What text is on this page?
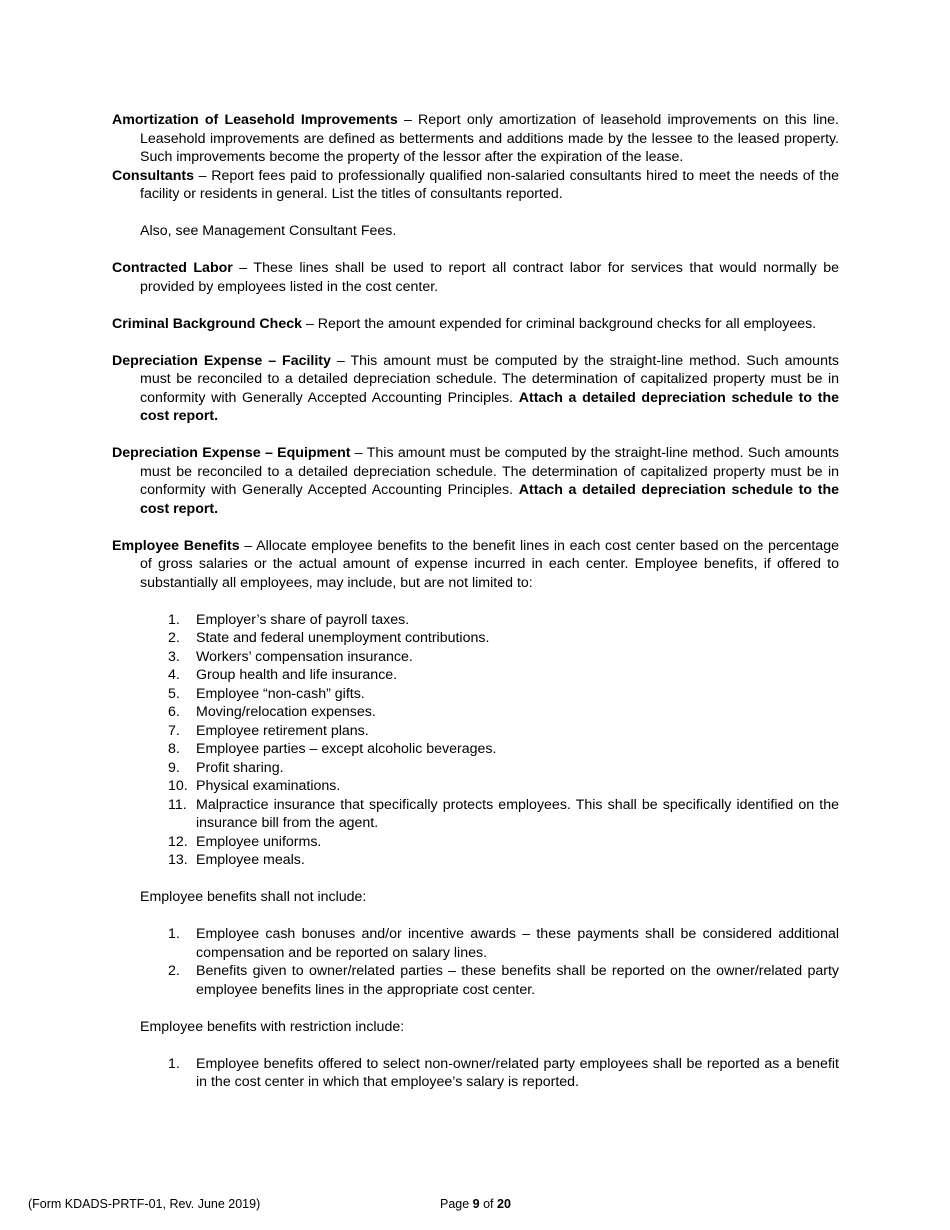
Amortization of Leasehold Improvements – Report only amortization of leasehold improvements on this line. Leasehold improvements are defined as betterments and additions made by the lessee to the leased property. Such improvements become the property of the lessor after the expiration of the lease.

Consultants – Report fees paid to professionally qualified non-salaried consultants hired to meet the needs of the facility or residents in general. List the titles of consultants reported.

Also, see Management Consultant Fees.

Contracted Labor – These lines shall be used to report all contract labor for services that would normally be provided by employees listed in the cost center.

Criminal Background Check – Report the amount expended for criminal background checks for all employees.

Depreciation Expense – Facility – This amount must be computed by the straight-line method. Such amounts must be reconciled to a detailed depreciation schedule. The determination of capitalized property must be in conformity with Generally Accepted Accounting Principles. Attach a detailed depreciation schedule to the cost report.

Depreciation Expense – Equipment – This amount must be computed by the straight-line method. Such amounts must be reconciled to a detailed depreciation schedule. The determination of capitalized property must be in conformity with Generally Accepted Accounting Principles. Attach a detailed depreciation schedule to the cost report.

Employee Benefits – Allocate employee benefits to the benefit lines in each cost center based on the percentage of gross salaries or the actual amount of expense incurred in each center. Employee benefits, if offered to substantially all employees, may include, but are not limited to:

1.	Employer’s share of payroll taxes.
2.	State and federal unemployment contributions.
3.	Workers’ compensation insurance.
4.	Group health and life insurance.
5.	Employee “non-cash” gifts.
6.	Moving/relocation expenses.
7.	Employee retirement plans.
8.	Employee parties – except alcoholic beverages.
9.	Profit sharing.
10. Physical examinations.
11. Malpractice insurance that specifically protects employees. This shall be specifically identified on the insurance bill from the agent.
12. Employee uniforms.
13. Employee meals.

Employee benefits shall not include:

1.	Employee cash bonuses and/or incentive awards – these payments shall be considered additional compensation and be reported on salary lines.
2.	Benefits given to owner/related parties – these benefits shall be reported on the owner/related party employee benefits lines in the appropriate cost center.

Employee benefits with restriction include:

1.	Employee benefits offered to select non-owner/related party employees shall be reported as a benefit in the cost center in which that employee’s salary is reported.
(Form KDADS-PRTF-01, Rev. June 2019)	Page 9 of 20
